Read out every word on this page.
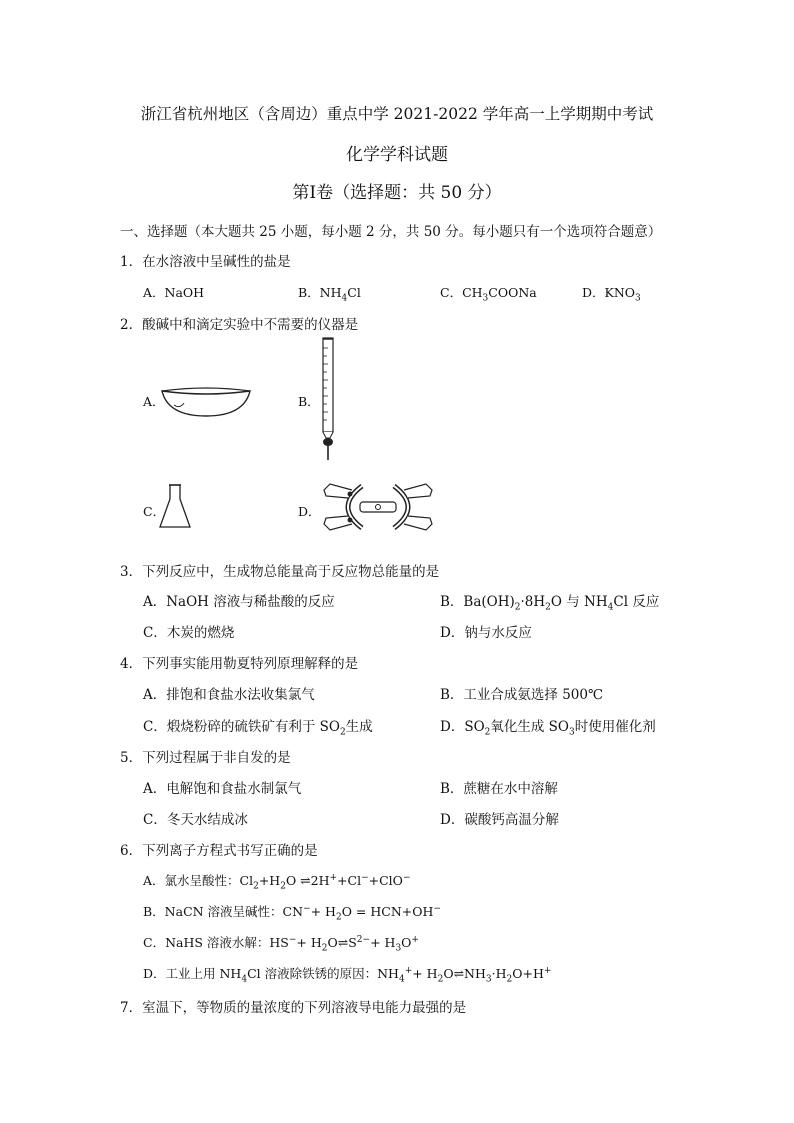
浙江省杭州地区（含周边）重点中学 2021-2022 学年高一上学期期中考试
化学学科试题
第Ⅰ卷（选择题：共 50 分）
一、选择题（本大题共 25 小题，每小题 2 分，共 50 分。每小题只有一个选项符合题意）
1．在水溶液中呈碱性的盐是
A．NaOH	B．$NH_4Cl$	C．$CH_3COONa$	D．$KNO_3$
2．酸碱中和滴定实验中不需要的仪器是
A．	B．
C．	D．
3．下列反应中，生成物总能量高于反应物总能量的是
A．NaOH 溶液与稀盐酸的反应	B．$Ba(OH)_2\cdot 8H_2O$ 与 $NH_4Cl$ 反应
C．木炭的燃烧	D．钠与水反应
4．下列事实能用勒夏特列原理解释的是
A．排饱和食盐水法收集氯气	B．工业合成氨选择 500℃
C．煅烧粉碎的硫铁矿有利于 $SO_2$生成	D．$SO_2$氧化生成 $SO_3$时使用催化剂
5．下列过程属于非自发的是
A．电解饱和食盐水制氯气	B．蔗糖在水中溶解
C．冬天水结成冰	D．碳酸钙高温分解
6．下列离子方程式书写正确的是
A．氯水呈酸性：$Cl_2+H_2O$ ⇌2H++Cl−+ClO−
B．NaCN 溶液呈碱性：$CN^-+ H_2O = HCN+OH^-$
C．NaHS 溶液水解：$HS^-+ H_2O\rightleftharpoons S^{2-}+ H_3O^+$
D．工业上用 $NH_4Cl$ 溶液除铁锈的原因：$NH_4^++$ $H_2O\rightleftharpoons NH_3\cdot H_2O+H^+$
7．室温下，等物质的量浓度的下列溶液导电能力最强的是
